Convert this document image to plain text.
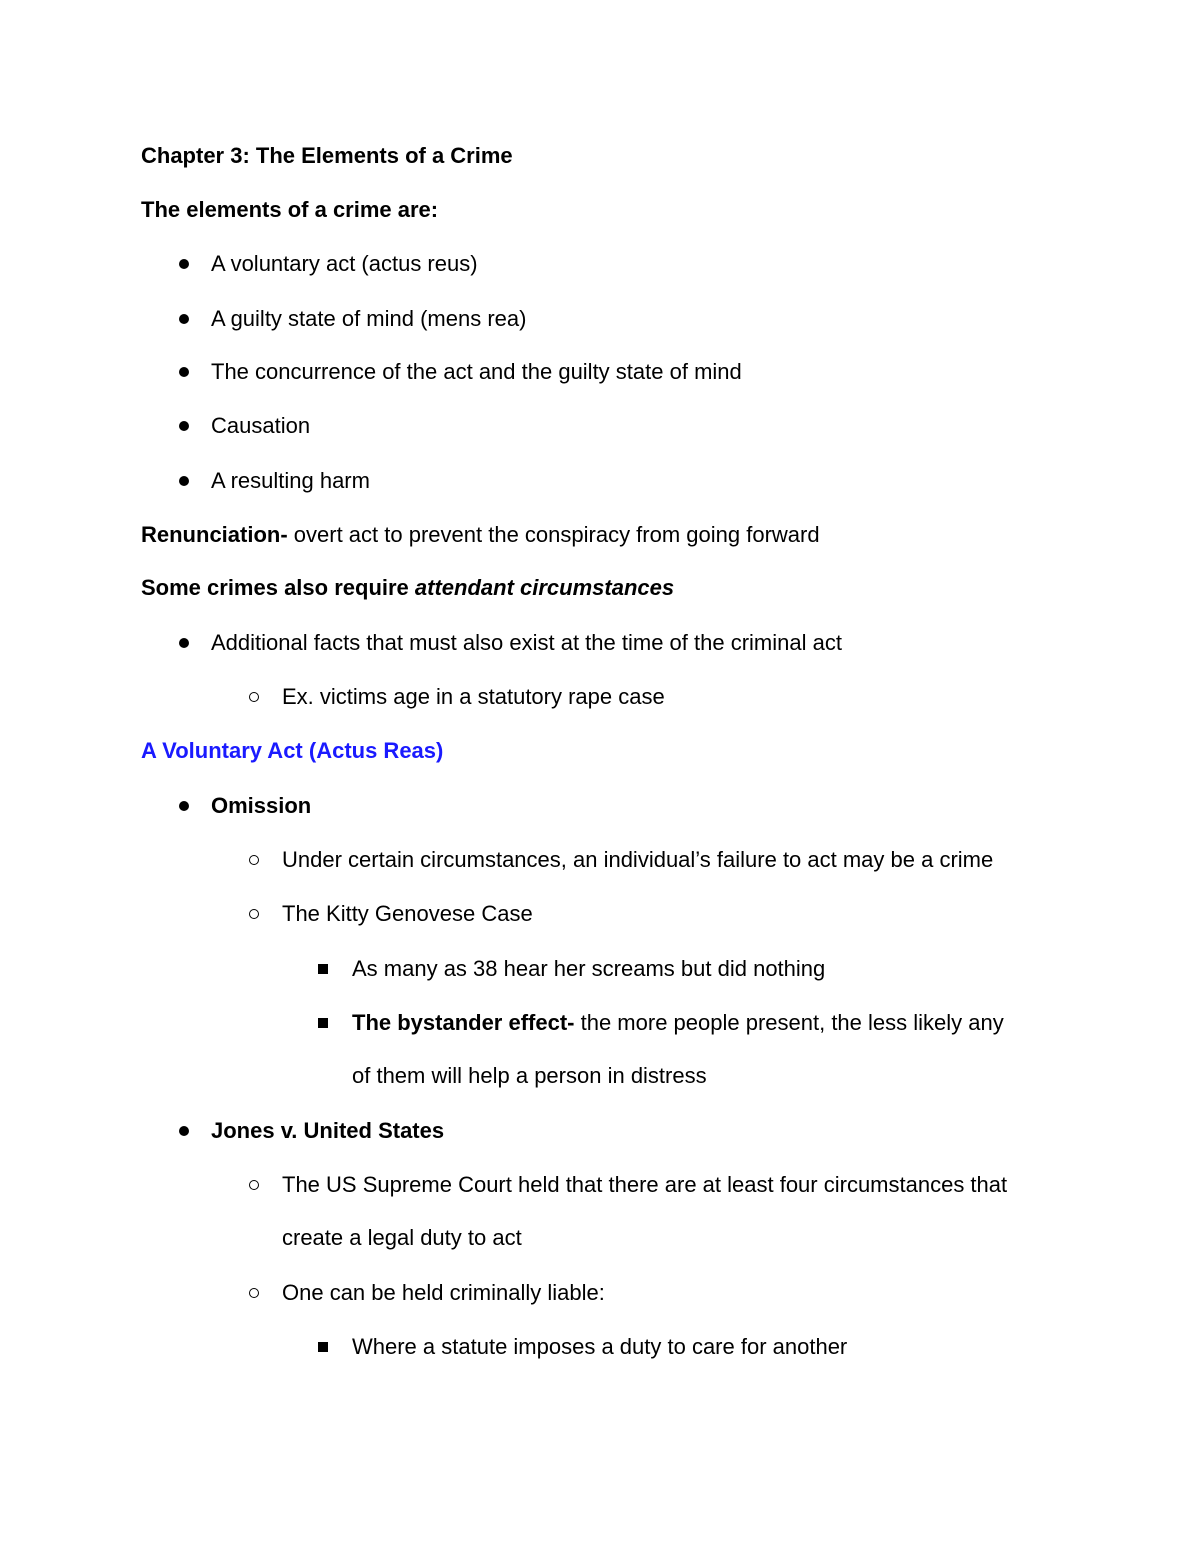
Chapter 3: The Elements of a Crime
The elements of a crime are:
A voluntary act (actus reus)
A guilty state of mind (mens rea)
The concurrence of the act and the guilty state of mind
Causation
A resulting harm
Renunciation- overt act to prevent the conspiracy from going forward
Some crimes also require attendant circumstances
Additional facts that must also exist at the time of the criminal act
Ex. victims age in a statutory rape case
A Voluntary Act (Actus Reas)
Omission
Under certain circumstances, an individual’s failure to act may be a crime
The Kitty Genovese Case
As many as 38 hear her screams but did nothing
The bystander effect- the more people present, the less likely any
of them will help a person in distress
Jones v. United States
The US Supreme Court held that there are at least four circumstances that
create a legal duty to act
One can be held criminally liable:
Where a statute imposes a duty to care for another
